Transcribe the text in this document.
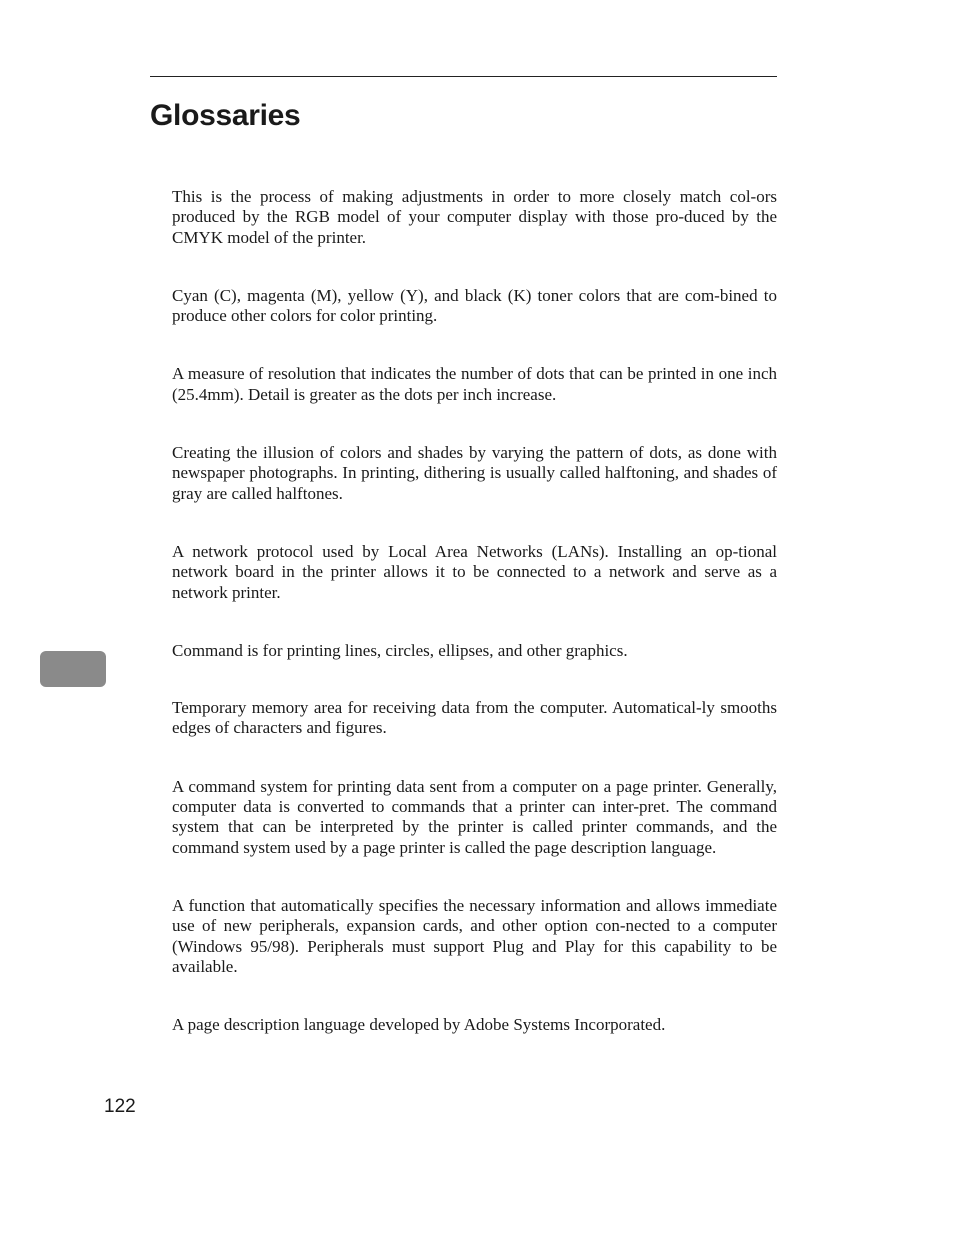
Glossaries

This is the process of making adjustments in order to more closely match col-ors produced by the RGB model of your computer display with those pro-duced by the CMYK model of the printer.

Cyan (C), magenta (M), yellow (Y), and black (K) toner colors that are com-bined to produce other colors for color printing.

A measure of resolution that indicates the number of dots that can be printed in one inch (25.4mm). Detail is greater as the dots per inch increase.

Creating the illusion of colors and shades by varying the pattern of dots, as done with newspaper photographs. In printing, dithering is usually called halftoning, and shades of gray are called halftones.

A network protocol used by Local Area Networks (LANs). Installing an op-tional network board in the printer allows it to be connected to a network and serve as a network printer.

Command is for printing lines, circles, ellipses, and other graphics.

Temporary memory area for receiving data from the computer. Automatical-ly smooths edges of characters and figures.

A command system for printing data sent from a computer on a page printer. Generally, computer data is converted to commands that a printer can inter-pret. The command system that can be interpreted by the printer is called printer commands, and the command system used by a page printer is called the page description language.

A function that automatically specifies the necessary information and allows immediate use of new peripherals, expansion cards, and other option con-nected to a computer (Windows 95/98). Peripherals must support Plug and Play for this capability to be available.

A page description language developed by Adobe Systems Incorporated.

122
